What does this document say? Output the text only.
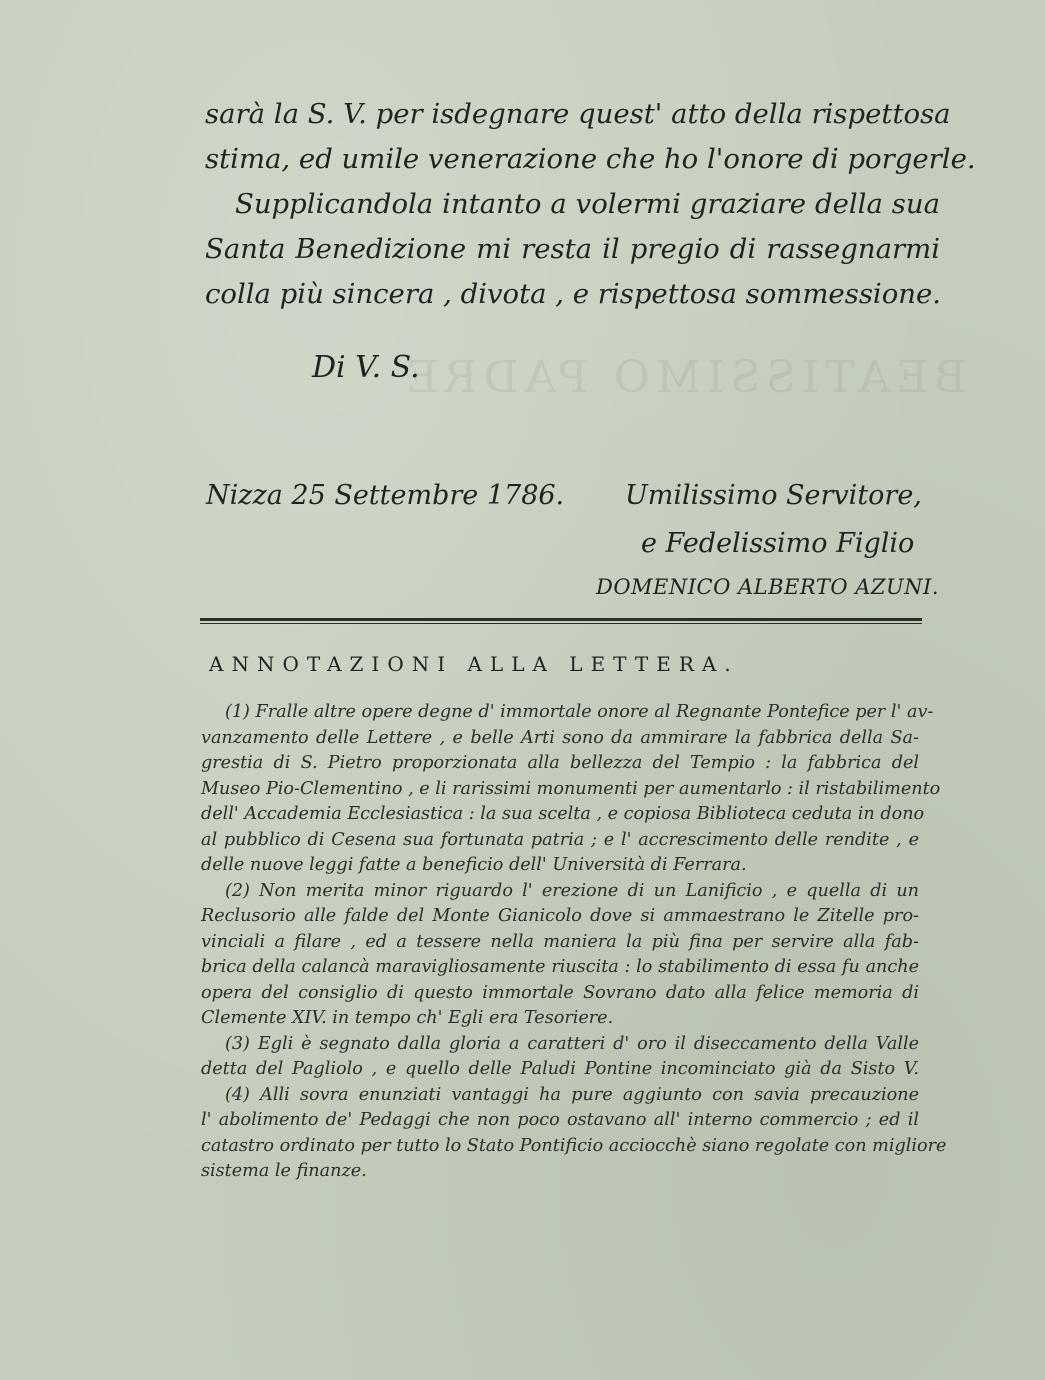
BEATISSIMO PADRE
sarà la S. V. per isdegnare quest' atto della rispettosa
stima, ed umile venerazione che ho l'onore di porgerle.
Supplicandola intanto a volermi graziare della sua
Santa Benedizione mi resta il pregio di rassegnarmi
colla più sincera , divota , e rispettosa sommessione.
Di V. S.
Nizza 25 Settembre 1786. Umilissimo Servitore,
e Fedelissimo Figlio
DOMENICO ALBERTO AZUNI.
ANNOTAZIONI ALLA LETTERA.
(1) Fralle altre opere degne d' immortale onore al Regnante Pontefice per l' av-
vanzamento delle Lettere , e belle Arti sono da ammirare la fabbrica della Sa-
grestia di S. Pietro proporzionata alla bellezza del Tempio : la fabbrica del
Museo Pio-Clementino , e li rarissimi monumenti per aumentarlo : il ristabilimento
dell' Accademia Ecclesiastica : la sua scelta , e copiosa Biblioteca ceduta in dono
al pubblico di Cesena sua fortunata patria ; e l' accrescimento delle rendite , e
delle nuove leggi fatte a beneficio dell' Università di Ferrara.
(2) Non merita minor riguardo l' erezione di un Lanificio , e quella di un
Reclusorio alle falde del Monte Gianicolo dove si ammaestrano le Zitelle pro-
vinciali a filare , ed a tessere nella maniera la più fina per servire alla fab-
brica della calancà maravigliosamente riuscita : lo stabilimento di essa fu anche
opera del consiglio di questo immortale Sovrano dato alla felice memoria di
Clemente XIV. in tempo ch' Egli era Tesoriere.
(3) Egli è segnato dalla gloria a caratteri d' oro il diseccamento della Valle
detta del Pagliolo , e quello delle Paludi Pontine incominciato già da Sisto V.
(4) Alli sovra enunziati vantaggi ha pure aggiunto con savia precauzione
l' abolimento de' Pedaggi che non poco ostavano all' interno commercio ; ed il
catastro ordinato per tutto lo Stato Pontificio acciocchè siano regolate con migliore
sistema le finanze.
